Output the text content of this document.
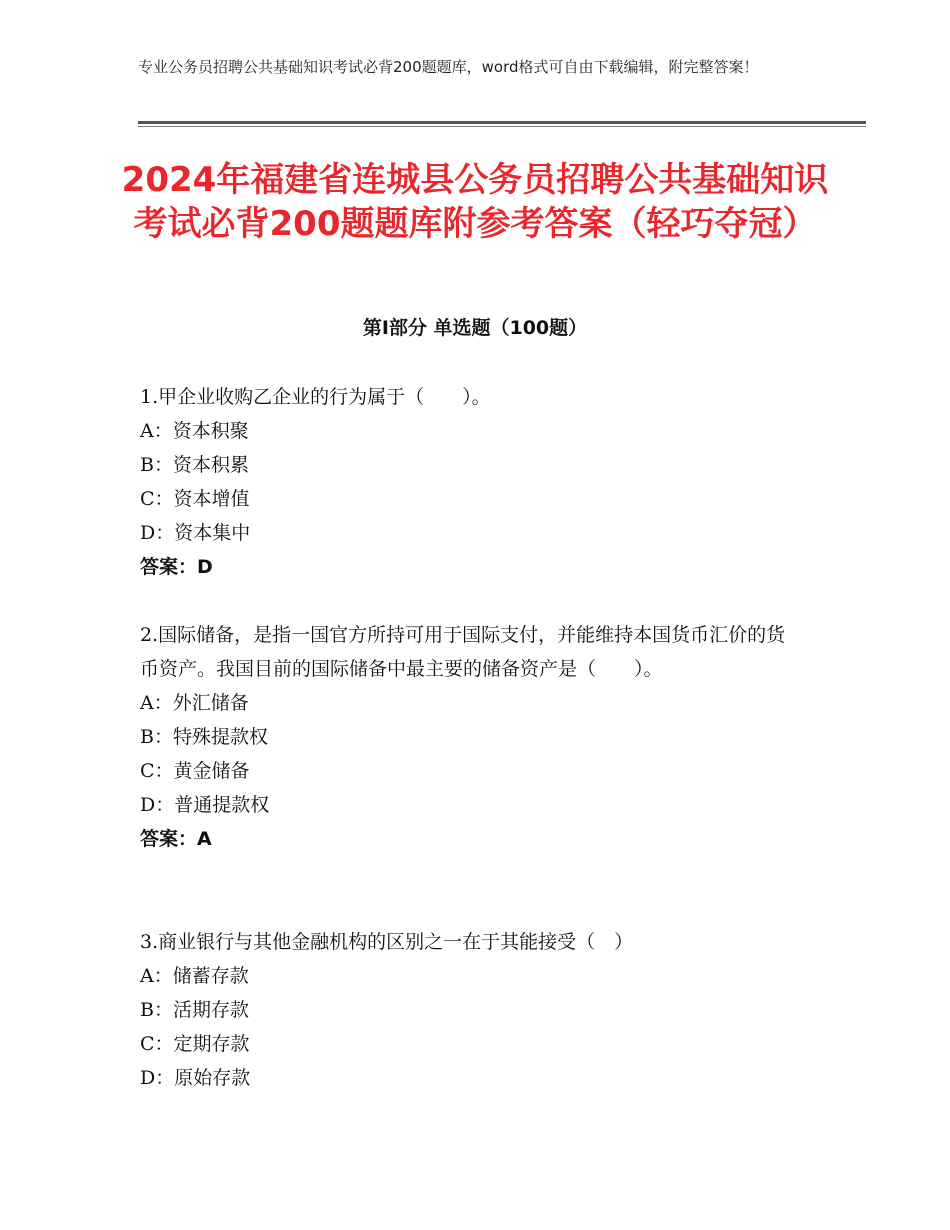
专业公务员招聘公共基础知识考试必背200题题库，word格式可自由下载编辑，附完整答案！
2024年福建省连城县公务员招聘公共基础知识考试必背200题题库附参考答案（轻巧夺冠）
第Ⅰ部分 单选题（100题）

1.甲企业收购乙企业的行为属于（　　）。

A：资本积聚

B：资本积累

C：资本增值

D：资本集中

答案：D

2.国际储备，是指一国官方所持可用于国际支付，并能维持本国货币汇价的货币资产。我国目前的国际储备中最主要的储备资产是（　　）。

A：外汇储备

B：特殊提款权

C：黄金储备

D：普通提款权

答案：A

3.商业银行与其他金融机构的区别之一在于其能接受（　）

A：储蓄存款

B：活期存款

C：定期存款

D：原始存款
